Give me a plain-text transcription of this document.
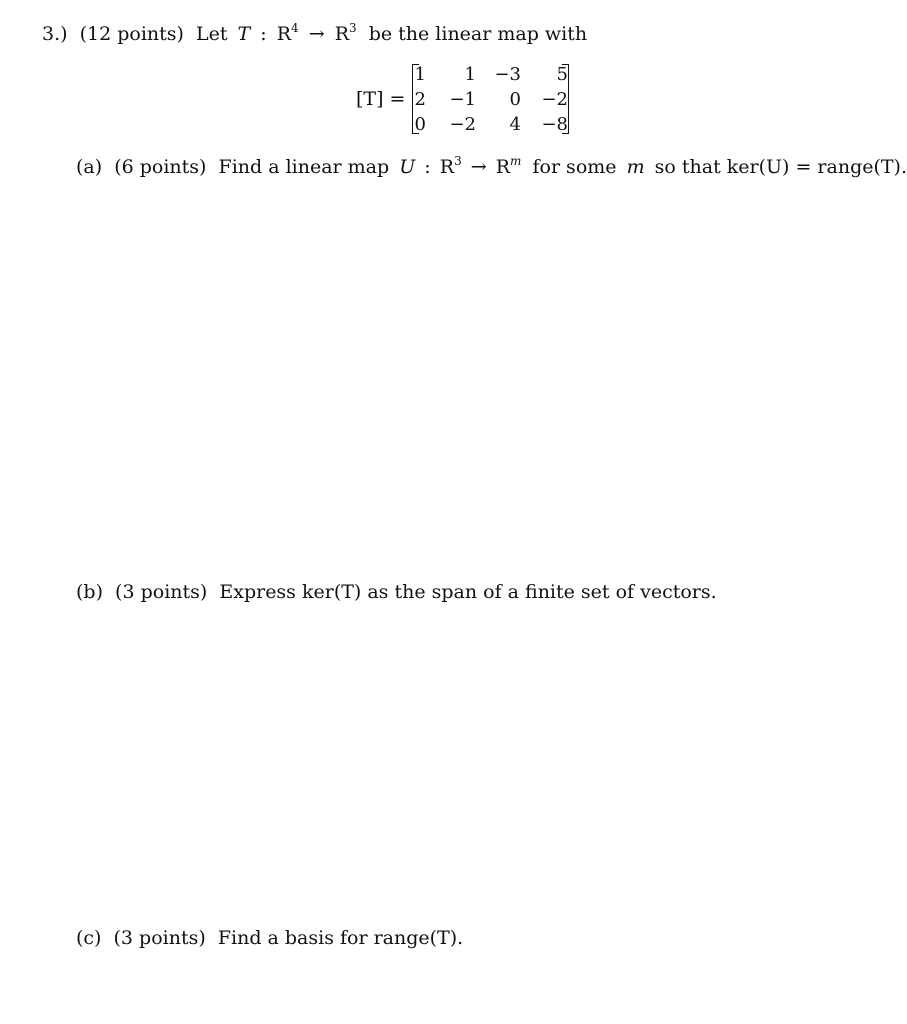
3.) (12 points) Let T : $R^4 \to R^3$ be the linear map with
[T] =
1	1	−3	5
2	−1	0	−2
0	−2	4	−8
(a) (6 points) Find a linear map U : $R^3 \to R^m$ for some m so that ker(U) = range(T).
(b) (3 points) Express ker(T) as the span of a finite set of vectors.
(c) (3 points) Find a basis for range(T).
